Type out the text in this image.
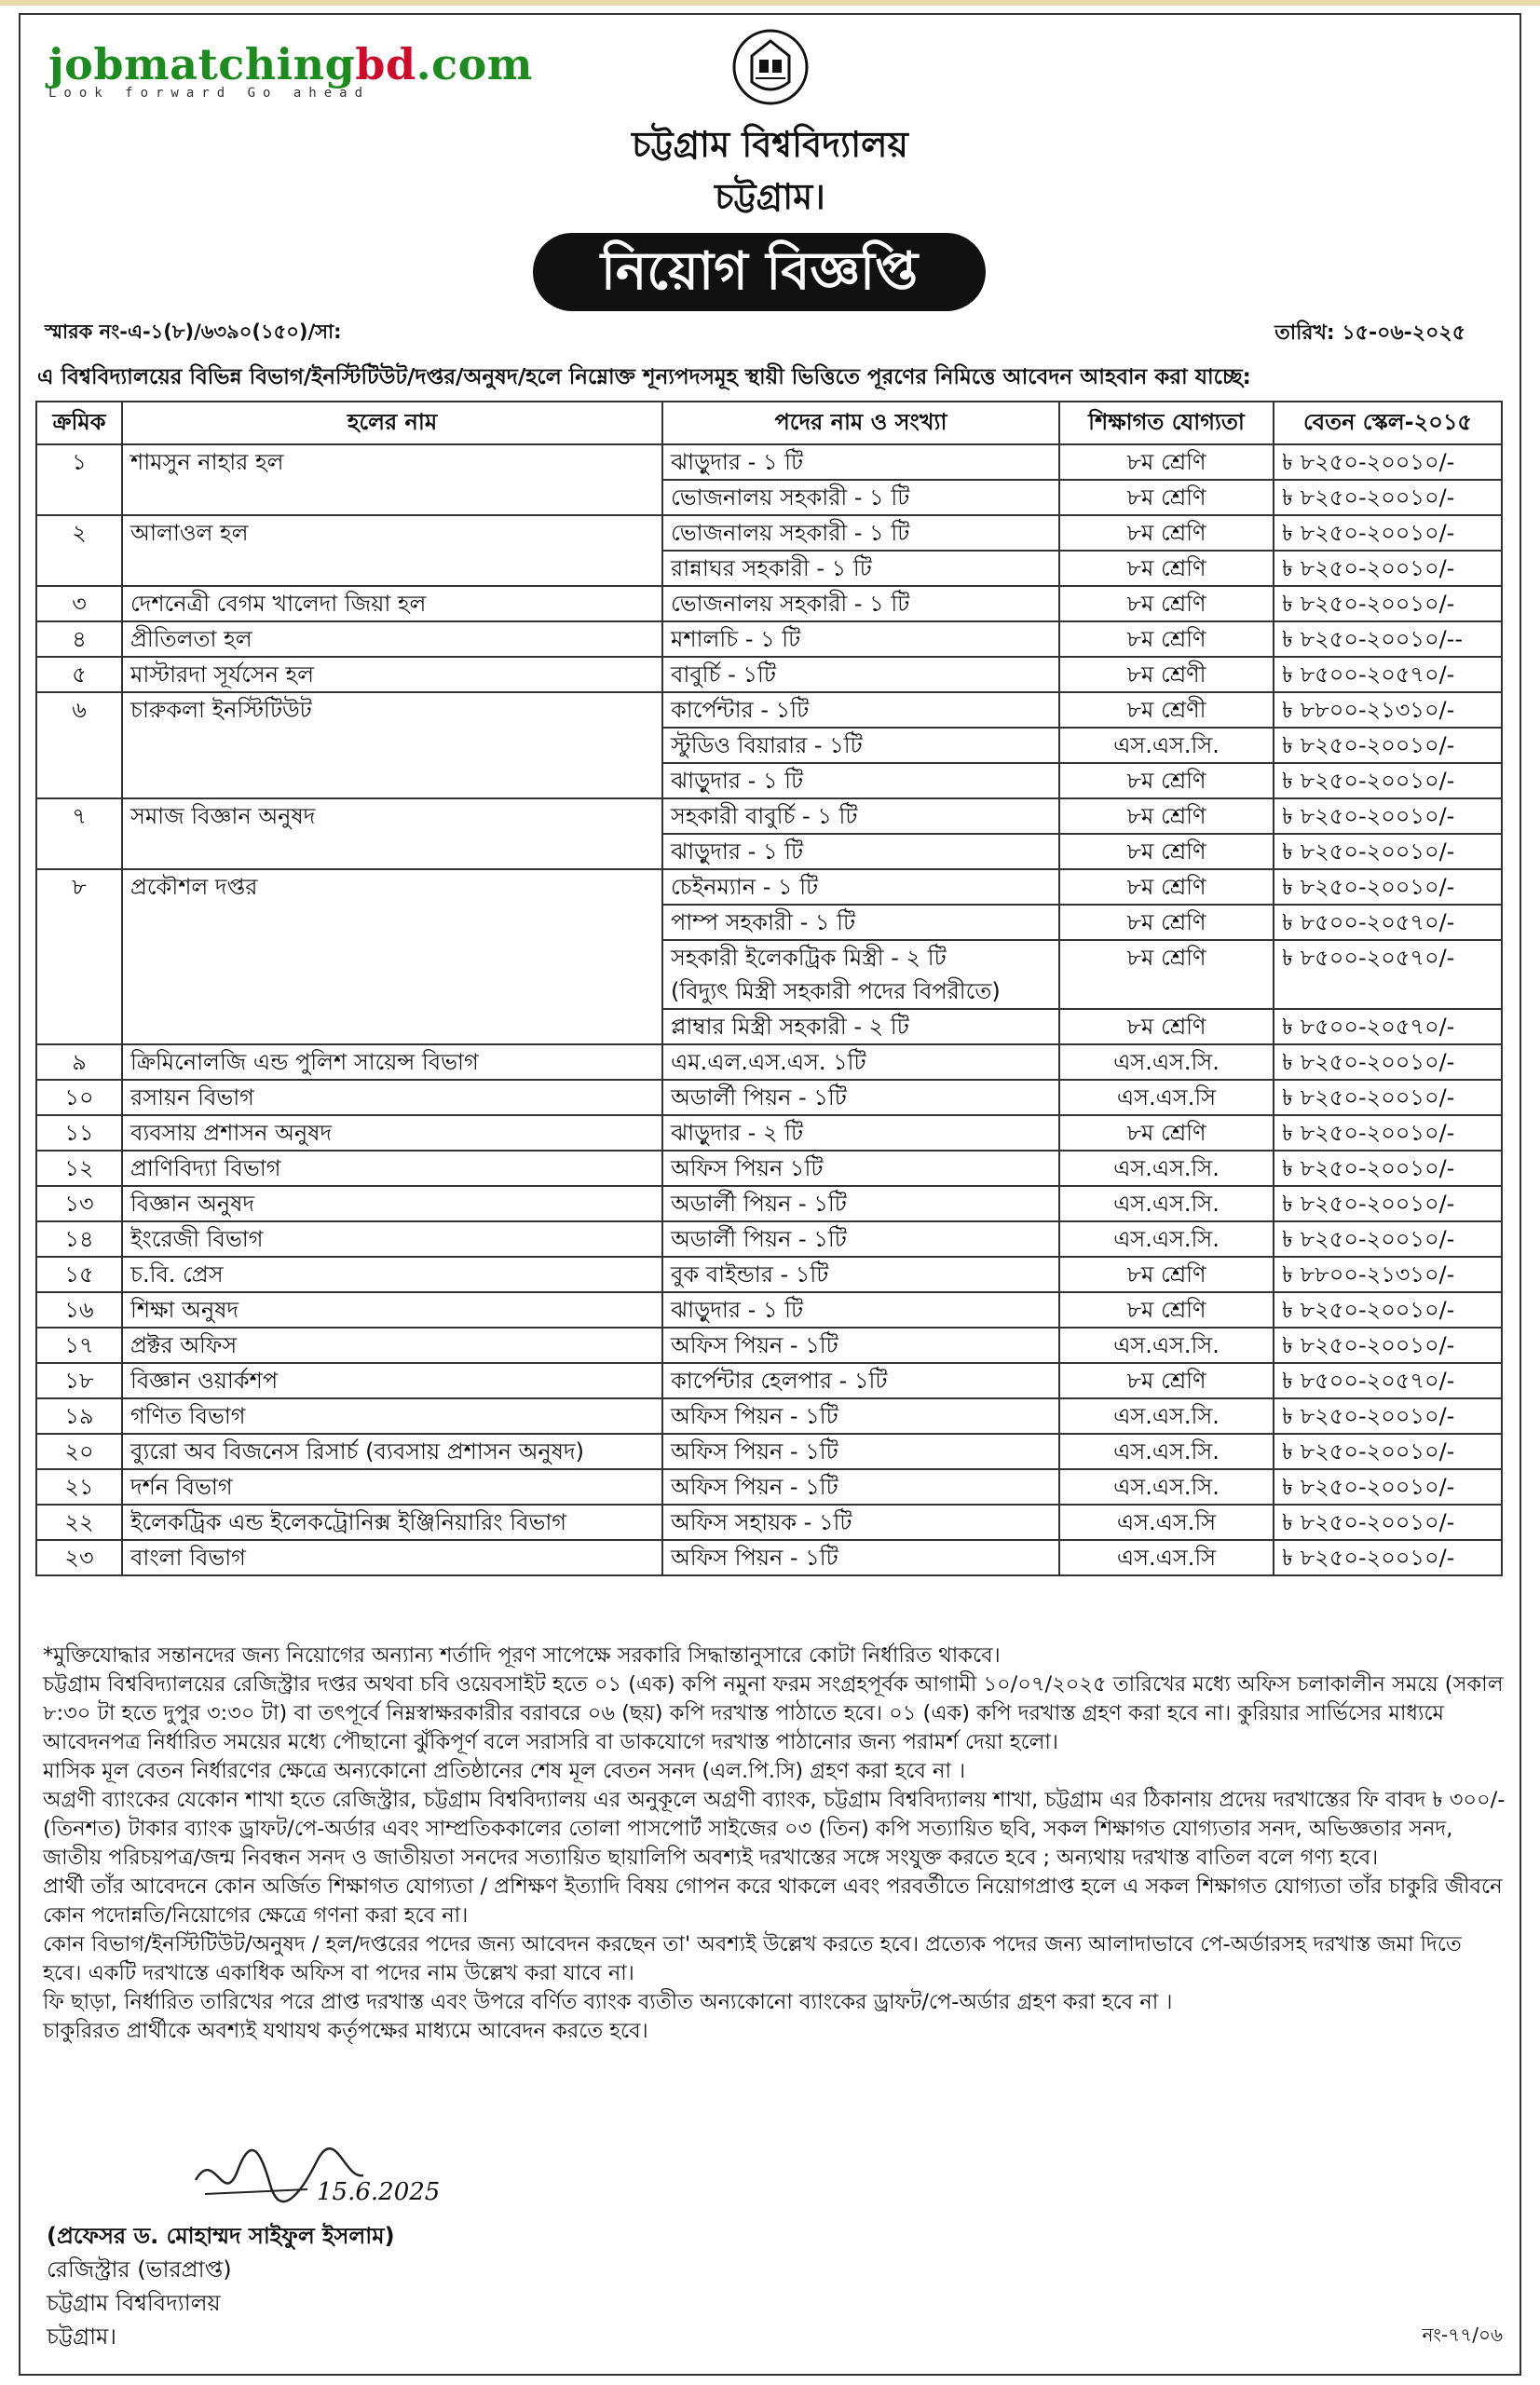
jobmatchingbd.com
Look forward Go ahead
চট্টগ্রাম বিশ্ববিদ্যালয়
চট্টগ্রাম।
নিয়োগ বিজ্ঞপ্তি
স্মারক নং-এ-১(৮)/৬৩৯০(১৫০)/সা:	তারিখ: ১৫-০৬-২০২৫
এ বিশ্ববিদ্যালয়ের বিভিন্ন বিভাগ/ইনস্টিটিউট/দপ্তর/অনুষদ/হলে নিম্নোক্ত শূন্যপদসমূহ স্থায়ী ভিত্তিতে পূরণের নিমিত্তে আবেদন আহবান করা যাচ্ছে:
ক্রমিক	হলের নাম	পদের নাম ও সংখ্যা	শিক্ষাগত যোগ্যতা	বেতন স্কেল-২০১৫
১	শামসুন নাহার হল	ঝাড়ুদার - ১ টি	৮ম শ্রেণি	৳ ৮২৫০-২০০১০/-

		ভোজনালয় সহকারী - ১ টি	৮ম শ্রেণি	৳ ৮২৫০-২০০১০/-
২	আলাওল হল	ভোজনালয় সহকারী - ১ টি	৮ম শ্রেণি	৳ ৮২৫০-২০০১০/-

		রান্নাঘর সহকারী - ১ টি	৮ম শ্রেণি	৳ ৮২৫০-২০০১০/-
৩	দেশনেত্রী বেগম খালেদা জিয়া হল	ভোজনালয় সহকারী - ১ টি	৮ম শ্রেণি	৳ ৮২৫০-২০০১০/-
৪	প্রীতিলতা হল	মশালচি - ১ টি	৮ম শ্রেণি	৳ ৮২৫০-২০০১০/--
৫	মাস্টারদা সূর্যসেন হল	বাবুর্চি - ১টি	৮ম শ্রেণী	৳ ৮৫০০-২০৫৭০/-
৬	চারুকলা ইনস্টিটিউট	কার্পেন্টার - ১টি	৮ম শ্রেণী	৳ ৮৮০০-২১৩১০/-

		স্টুডিও বিয়ারার - ১টি	এস.এস.সি.	৳ ৮২৫০-২০০১০/-

		ঝাড়ুদার - ১ টি	৮ম শ্রেণি	৳ ৮২৫০-২০০১০/-
৭	সমাজ বিজ্ঞান অনুষদ	সহকারী বাবুর্চি - ১ টি	৮ম শ্রেণি	৳ ৮২৫০-২০০১০/-

		ঝাড়ুদার - ১ টি	৮ম শ্রেণি	৳ ৮২৫০-২০০১০/-
৮	প্রকৌশল দপ্তর	চেইনম্যান - ১ টি	৮ম শ্রেণি	৳ ৮২৫০-২০০১০/-

		পাম্প সহকারী - ১ টি	৮ম শ্রেণি	৳ ৮৫০০-২০৫৭০/-

		সহকারী ইলেকট্রিক মিস্ত্রী - ২ টি
(বিদ্যুৎ মিস্ত্রী সহকারী পদের বিপরীতে)	৮ম শ্রেণি	৳ ৮৫০০-২০৫৭০/-

		প্লাম্বার মিস্ত্রী সহকারী - ২ টি	৮ম শ্রেণি	৳ ৮৫০০-২০৫৭০/-
৯	ক্রিমিনোলজি এন্ড পুলিশ সায়েন্স বিভাগ	এম.এল.এস.এস. ১টি	এস.এস.সি.	৳ ৮২৫০-২০০১০/-
১০	রসায়ন বিভাগ	অডার্লী পিয়ন - ১টি	এস.এস.সি	৳ ৮২৫০-২০০১০/-
১১	ব্যবসায় প্রশাসন অনুষদ	ঝাড়ুদার - ২ টি	৮ম শ্রেণি	৳ ৮২৫০-২০০১০/-
১২	প্রাণিবিদ্যা বিভাগ	অফিস পিয়ন ১টি	এস.এস.সি.	৳ ৮২৫০-২০০১০/-
১৩	বিজ্ঞান অনুষদ	অডার্লী পিয়ন - ১টি	এস.এস.সি.	৳ ৮২৫০-২০০১০/-
১৪	ইংরেজী বিভাগ	অডার্লী পিয়ন - ১টি	এস.এস.সি.	৳ ৮২৫০-২০০১০/-
১৫	চ.বি. প্রেস	বুক বাইন্ডার - ১টি	৮ম শ্রেণি	৳ ৮৮০০-২১৩১০/-
১৬	শিক্ষা অনুষদ	ঝাড়ুদার - ১ টি	৮ম শ্রেণি	৳ ৮২৫০-২০০১০/-
১৭	প্রক্টর অফিস	অফিস পিয়ন - ১টি	এস.এস.সি.	৳ ৮২৫০-২০০১০/-
১৮	বিজ্ঞান ওয়ার্কশপ	কার্পেন্টার হেলপার - ১টি	৮ম শ্রেণি	৳ ৮৫০০-২০৫৭০/-
১৯	গণিত বিভাগ	অফিস পিয়ন - ১টি	এস.এস.সি.	৳ ৮২৫০-২০০১০/-
২০	ব্যুরো অব বিজনেস রিসার্চ (ব্যবসায় প্রশাসন অনুষদ)	অফিস পিয়ন - ১টি	এস.এস.সি.	৳ ৮২৫০-২০০১০/-
২১	দর্শন বিভাগ	অফিস পিয়ন - ১টি	এস.এস.সি.	৳ ৮২৫০-২০০১০/-
২২	ইলেকট্রিক এন্ড ইলেকট্রোনিক্স ইঞ্জিনিয়ারিং বিভাগ	অফিস সহায়ক - ১টি	এস.এস.সি	৳ ৮২৫০-২০০১০/-
২৩	বাংলা বিভাগ	অফিস পিয়ন - ১টি	এস.এস.সি	৳ ৮২৫০-২০০১০/-

*মুক্তিযোদ্ধার সন্তানদের জন্য নিয়োগের অন্যান্য শর্তাদি পূরণ সাপেক্ষে সরকারি সিদ্ধান্তানুসারে কোটা নির্ধারিত থাকবে।

চট্টগ্রাম বিশ্ববিদ্যালয়ের রেজিস্ট্রার দপ্তর অথবা চবি ওয়েবসাইট হতে ০১ (এক) কপি নমুনা ফরম সংগ্রহপূর্বক আগামী ১০/০৭/২০২৫ তারিখের মধ্যে অফিস চলাকালীন সময়ে (সকাল ৮:৩০ টা হতে দুপুর ৩:৩০ টা) বা তৎপূর্বে নিম্নস্বাক্ষরকারীর বরাবরে ০৬ (ছয়) কপি দরখাস্ত পাঠাতে হবে। ০১ (এক) কপি দরখাস্ত গ্রহণ করা হবে না। কুরিয়ার সার্ভিসের মাধ্যমে আবেদনপত্র নির্ধারিত সময়ের মধ্যে পৌছানো ঝুঁকিপূর্ণ বলে সরাসরি বা ডাকযোগে দরখাস্ত পাঠানোর জন্য পরামর্শ দেয়া হলো।

মাসিক মূল বেতন নির্ধারণের ক্ষেত্রে অন্যকোনো প্রতিষ্ঠানের শেষ মূল বেতন সনদ (এল.পি.সি) গ্রহণ করা হবে না ।

অগ্রণী ব্যাংকের যেকোন শাখা হতে রেজিস্ট্রার, চট্টগ্রাম বিশ্ববিদ্যালয় এর অনুকূলে অগ্রণী ব্যাংক, চট্টগ্রাম বিশ্ববিদ্যালয় শাখা, চট্টগ্রাম এর ঠিকানায় প্রদেয় দরখাস্তের ফি বাবদ ৳ ৩০০/- (তিনশত) টাকার ব্যাংক ড্রাফট/পে-অর্ডার এবং সাম্প্রতিককালের তোলা পাসপোর্ট সাইজের ০৩ (তিন) কপি সত্যায়িত ছবি, সকল শিক্ষাগত যোগ্যতার সনদ, অভিজ্ঞতার সনদ, জাতীয় পরিচয়পত্র/জন্ম নিবন্ধন সনদ ও জাতীয়তা সনদের সত্যায়িত ছায়ালিপি অবশ্যই দরখাস্তের সঙ্গে সংযুক্ত করতে হবে ; অন্যথায় দরখাস্ত বাতিল বলে গণ্য হবে।

প্রার্থী তাঁর আবেদনে কোন অর্জিত শিক্ষাগত যোগ্যতা / প্রশিক্ষণ ইত্যাদি বিষয় গোপন করে থাকলে এবং পরবর্তীতে নিয়োগপ্রাপ্ত হলে এ সকল শিক্ষাগত যোগ্যতা তাঁর চাকুরি জীবনে কোন পদোন্নতি/নিয়োগের ক্ষেত্রে গণনা করা হবে না।

কোন বিভাগ/ইনস্টিটিউট/অনুষদ / হল/দপ্তরের পদের জন্য আবেদন করছেন তা' অবশ্যই উল্লেখ করতে হবে। প্রত্যেক পদের জন্য আলাদাভাবে পে-অর্ডারসহ দরখাস্ত জমা দিতে হবে। একটি দরখাস্তে একাধিক অফিস বা পদের নাম উল্লেখ করা যাবে না।

ফি ছাড়া, নির্ধারিত তারিখের পরে প্রাপ্ত দরখাস্ত এবং উপরে বর্ণিত ব্যাংক ব্যতীত অন্যকোনো ব্যাংকের ড্রাফট/পে-অর্ডার গ্রহণ করা হবে না ।

চাকুরিরত প্রার্থীকে অবশ্যই যথাযথ কর্তৃপক্ষের মাধ্যমে আবেদন করতে হবে।

15.6.2025
(প্রফেসর ড. মোহাম্মদ সাইফুল ইসলাম)
রেজিস্ট্রার (ভারপ্রাপ্ত)
চট্টগ্রাম বিশ্ববিদ্যালয়
চট্টগ্রাম।	নং-৭৭/০৬
